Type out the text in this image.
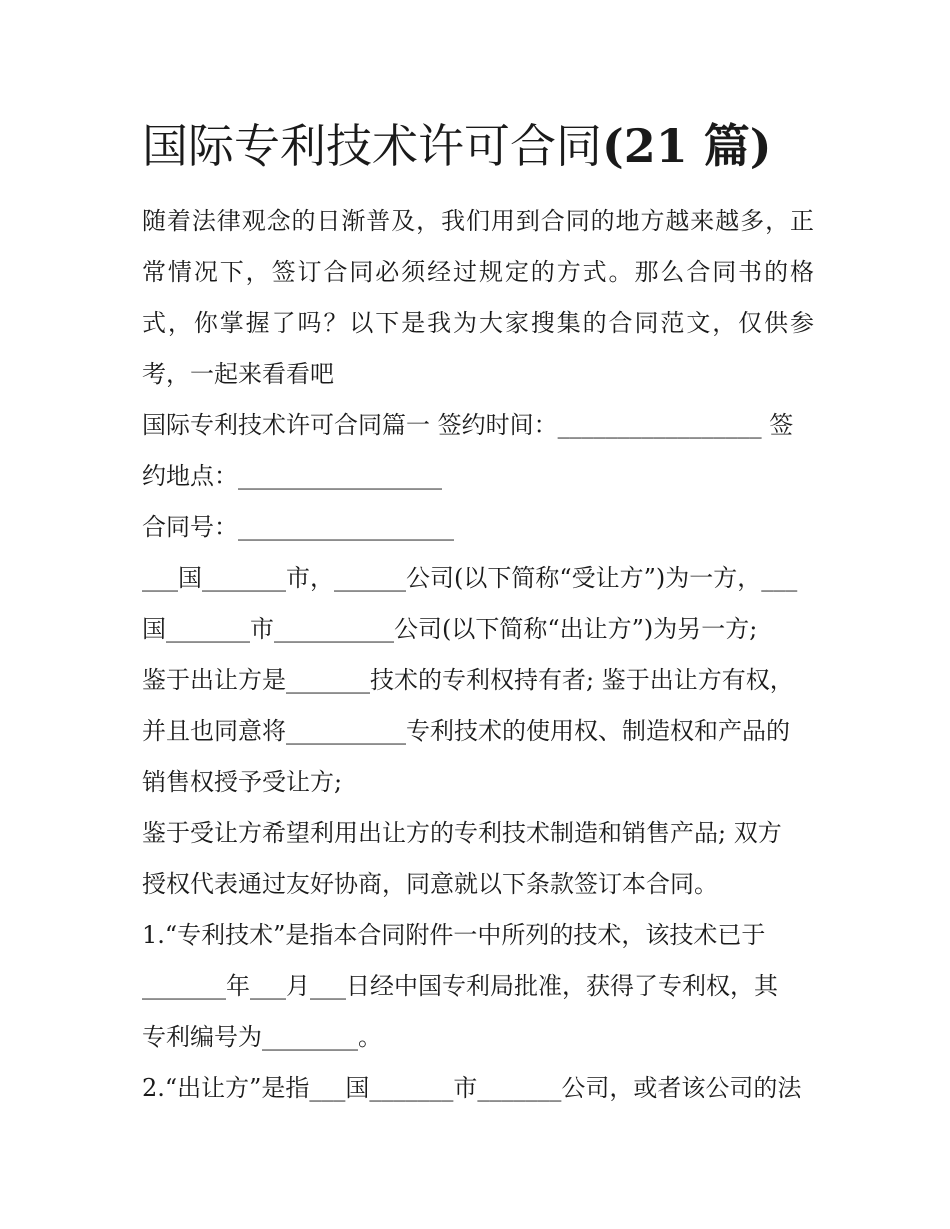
国际专利技术许可合同(21 篇)
随着法律观念的日渐普及，我们用到合同的地方越来越多，正
常情况下，签订合同必须经过规定的方式。那么合同书的格
式，你掌握了吗？以下是我为大家搜集的合同范文，仅供参
考，一起来看看吧
国际专利技术许可合同篇一 签约时间：_________________ 签
约地点：_________________
合同号：__________________
___国_______市，______公司(以下简称“受让方”)为一方，___
国_______市__________公司(以下简称“出让方”)为另一方;
鉴于出让方是_______技术的专利权持有者; 鉴于出让方有权，
并且也同意将__________专利技术的使用权、制造权和产品的
销售权授予受让方;
鉴于受让方希望利用出让方的专利技术制造和销售产品; 双方
授权代表通过友好协商，同意就以下条款签订本合同。
1.“专利技术”是指本合同附件一中所列的技术，该技术已于
_______年___月___日经中国专利局批准，获得了专利权，其
专利编号为________。
2.“出让方”是指___国_______市_______公司，或者该公司的法
